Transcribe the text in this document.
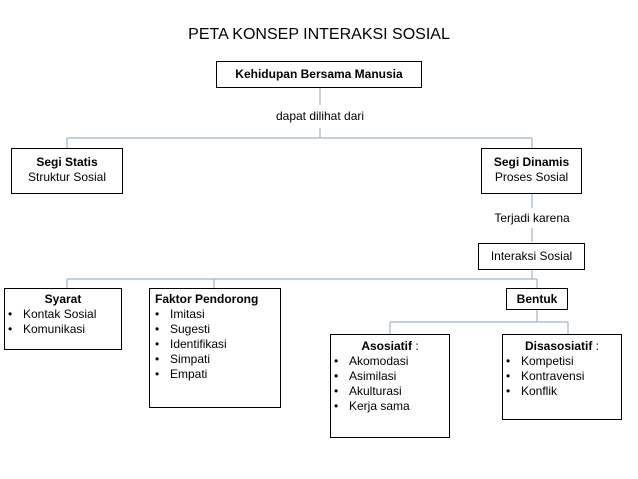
PETA KONSEP INTERAKSI SOSIAL
Kehidupan Bersama Manusia
dapat dilihat dari
Segi Statis
Struktur Sosial
Segi Dinamis
Proses Sosial
Terjadi karena
Interaksi Sosial
Syarat
• Kontak Sosial
• Komunikasi
Faktor Pendorong
• Imitasi
• Sugesti
• Identifikasi
• Simpati
• Empati
Bentuk
Asosiatif :
• Akomodasi
• Asimilasi
• Akulturasi
• Kerja sama
Disasosiatif :
• Kompetisi
• Kontravensi
• Konflik
